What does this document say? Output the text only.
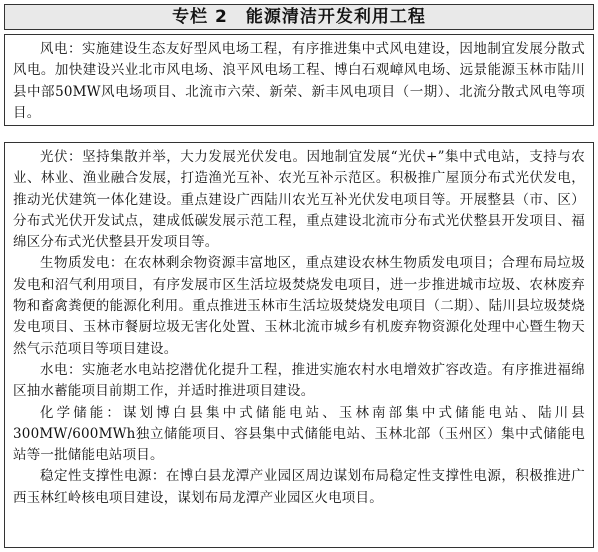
专栏 2　能源清洁开发利用工程

风电：实施建设生态友好型风电场工程，有序推进集中式风电建设，因地制宜发展分散式风电。加快建设兴业北市风电场、浪平风电场工程、博白石观嶂风电场、远景能源玉林市陆川县中部50MW风电场项目、北流市六荣、新荣、新丰风电项目（一期）、北流分散式风电等项目。

光伏：坚持集散并举，大力发展光伏发电。因地制宜发展“光伏+”集中式电站，支持与农业、林业、渔业融合发展，打造渔光互补、农光互补示范区。积极推广屋顶分布式光伏发电，推动光伏建筑一体化建设。重点建设广西陆川农光互补光伏发电项目等。开展整县（市、区）分布式光伏开发试点，建成低碳发展示范工程，重点建设北流市分布式光伏整县开发项目、福绵区分布式光伏整县开发项目等。

生物质发电：在农林剩余物资源丰富地区，重点建设农林生物质发电项目；合理布局垃圾发电和沼气利用项目，有序发展市区生活垃圾焚烧发电项目，进一步推进城市垃圾、农林废弃物和畜禽粪便的能源化利用。重点推进玉林市生活垃圾焚烧发电项目（二期）、陆川县垃圾焚烧发电项目、玉林市餐厨垃圾无害化处置、玉林北流市城乡有机废弃物资源化处理中心暨生物天然气示范项目等项目建设。

水电：实施老水电站挖潜优化提升工程，推进实施农村水电增效扩容改造。有序推进福绵区抽水蓄能项目前期工作，并适时推进项目建设。

化学储能：谋划博白县集中式储能电站、玉林南部集中式储能电站、陆川县300MW/600MWh独立储能项目、容县集中式储能电站、玉林北部（玉州区）集中式储能电站等一批储能电站项目。

稳定性支撑性电源：在博白县龙潭产业园区周边谋划布局稳定性支撑性电源，积极推进广西玉林红岭核电项目建设，谋划布局龙潭产业园区火电项目。
